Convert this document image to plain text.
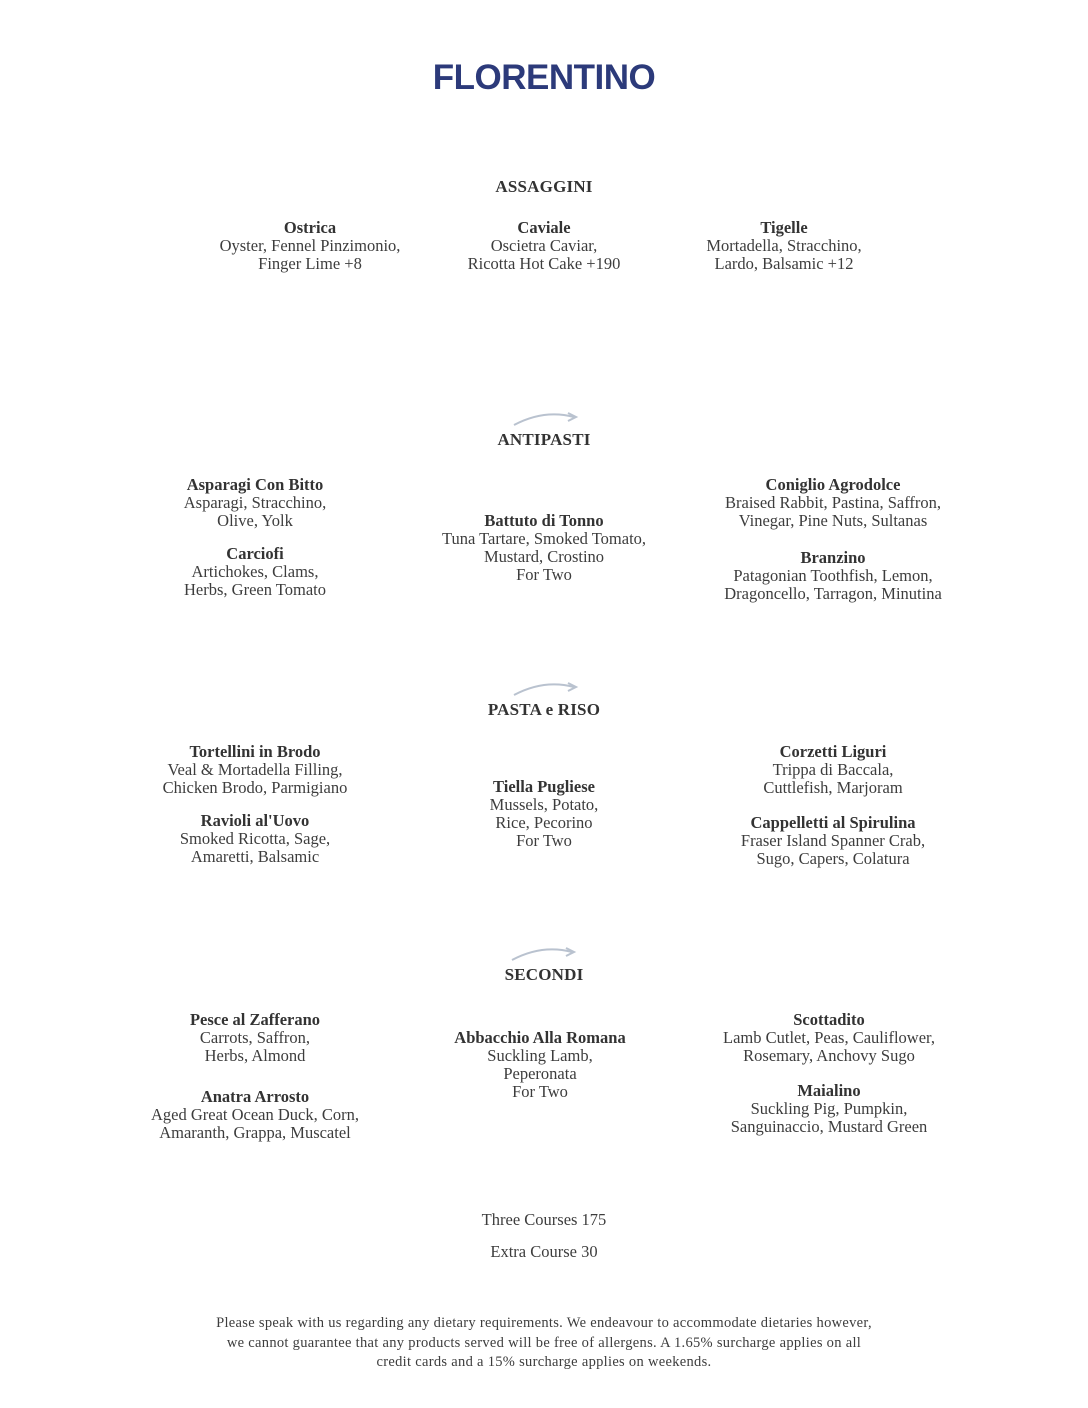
FLORENTINO
ASSAGGINI
Ostrica
Oyster, Fennel Pinzimonio,
Finger Lime +8
Caviale
Oscietra Caviar,
Ricotta Hot Cake +190
Tigelle
Mortadella, Stracchino,
Lardo, Balsamic +12
ANTIPASTI
Asparagi Con Bitto
Asparagi, Stracchino,
Olive, Yolk
Carciofi
Artichokes, Clams,
Herbs, Green Tomato
Battuto di Tonno
Tuna Tartare, Smoked Tomato,
Mustard, Crostino
For Two
Coniglio Agrodolce
Braised Rabbit, Pastina, Saffron,
Vinegar, Pine Nuts, Sultanas
Branzino
Patagonian Toothfish, Lemon,
Dragoncello, Tarragon, Minutina
PASTA e RISO
Tortellini in Brodo
Veal & Mortadella Filling,
Chicken Brodo, Parmigiano
Ravioli al'Uovo
Smoked Ricotta, Sage,
Amaretti, Balsamic
Tiella Pugliese
Mussels, Potato,
Rice, Pecorino
For Two
Corzetti Liguri
Trippa di Baccala,
Cuttlefish, Marjoram
Cappelletti al Spirulina
Fraser Island Spanner Crab,
Sugo, Capers, Colatura
SECONDI
Pesce al Zafferano
Carrots, Saffron,
Herbs, Almond
Anatra Arrosto
Aged Great Ocean Duck, Corn,
Amaranth, Grappa, Muscatel
Abbacchio Alla Romana
Suckling Lamb,
Peperonata
For Two
Scottadito
Lamb Cutlet, Peas, Cauliflower,
Rosemary, Anchovy Sugo
Maialino
Suckling Pig, Pumpkin,
Sanguinaccio, Mustard Green
Three Courses 175
Extra Course 30
Please speak with us regarding any dietary requirements. We endeavour to accommodate dietaries however,
we cannot guarantee that any products served will be free of allergens. A 1.65% surcharge applies on all
credit cards and a 15% surcharge applies on weekends.
